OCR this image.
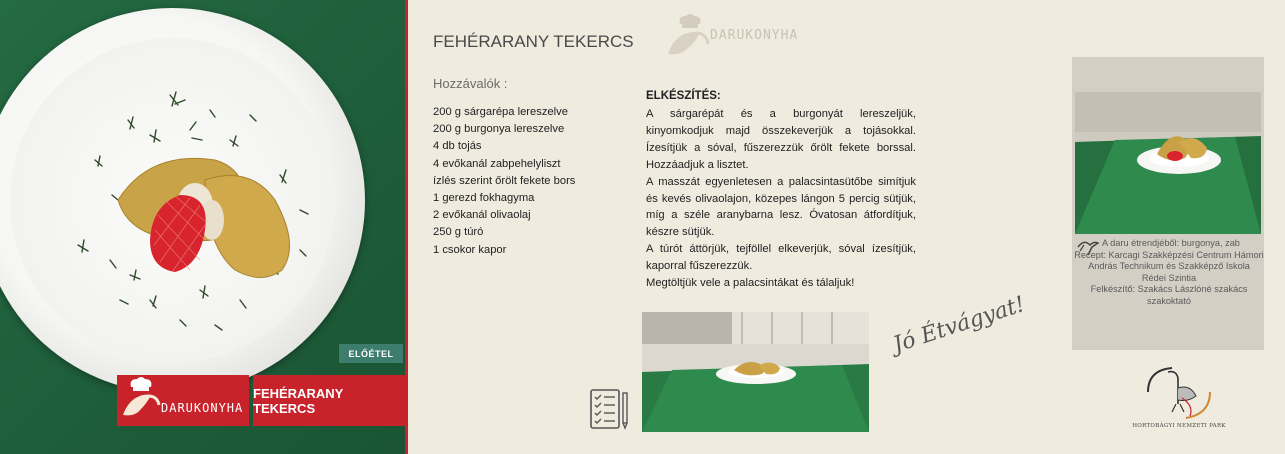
ELŐÉTEL
DARUKONYHA
FEHÉRARANY TEKERCS
FEHÉRARANY TEKERCS	DARUKONYHA
Hozzávalók :
200 g sárgarépa lereszelve
200 g burgonya lereszelve
4 db tojás
4 evőkanál zabpehelyliszt
ízlés szerint őrölt fekete bors
1 gerezd fokhagyma
2 evőkanál olivaolaj
250 g túró
1 csokor kapor
ELKÉSZÍTÉS:

A sárgarépát és a burgonyát lereszeljük, kinyomkodjuk majd összekeverjük a tojásokkal. Ízesítjük a sóval, fűszerezzük őrölt fekete borssal. Hozzáadjuk a lisztet.

A masszát egyenletesen a palacsintasütőbe simítjuk és kevés olivaolajon, közepes lángon 5 percig sütjük, míg a széle aranybarna lesz. Óvatosan átfordítjuk, készre sütjük.

A túrót áttörjük, tejföllel elkeverjük, sóval ízesítjük, kaporral fűszerezzük.

Megtöltjük vele a palacsintákat és tálaljuk!

Jó Étvágyat!
A daru étrendjéből: burgonya, zab
Recept: Karcagi Szakképzési Centrum Hámori András Technikum és Szakképző Iskola
Rédei Szintia
Felkészítő: Szakács Lászlóné szakács szakoktató
HORTOBÁGYI NEMZETI PARK
